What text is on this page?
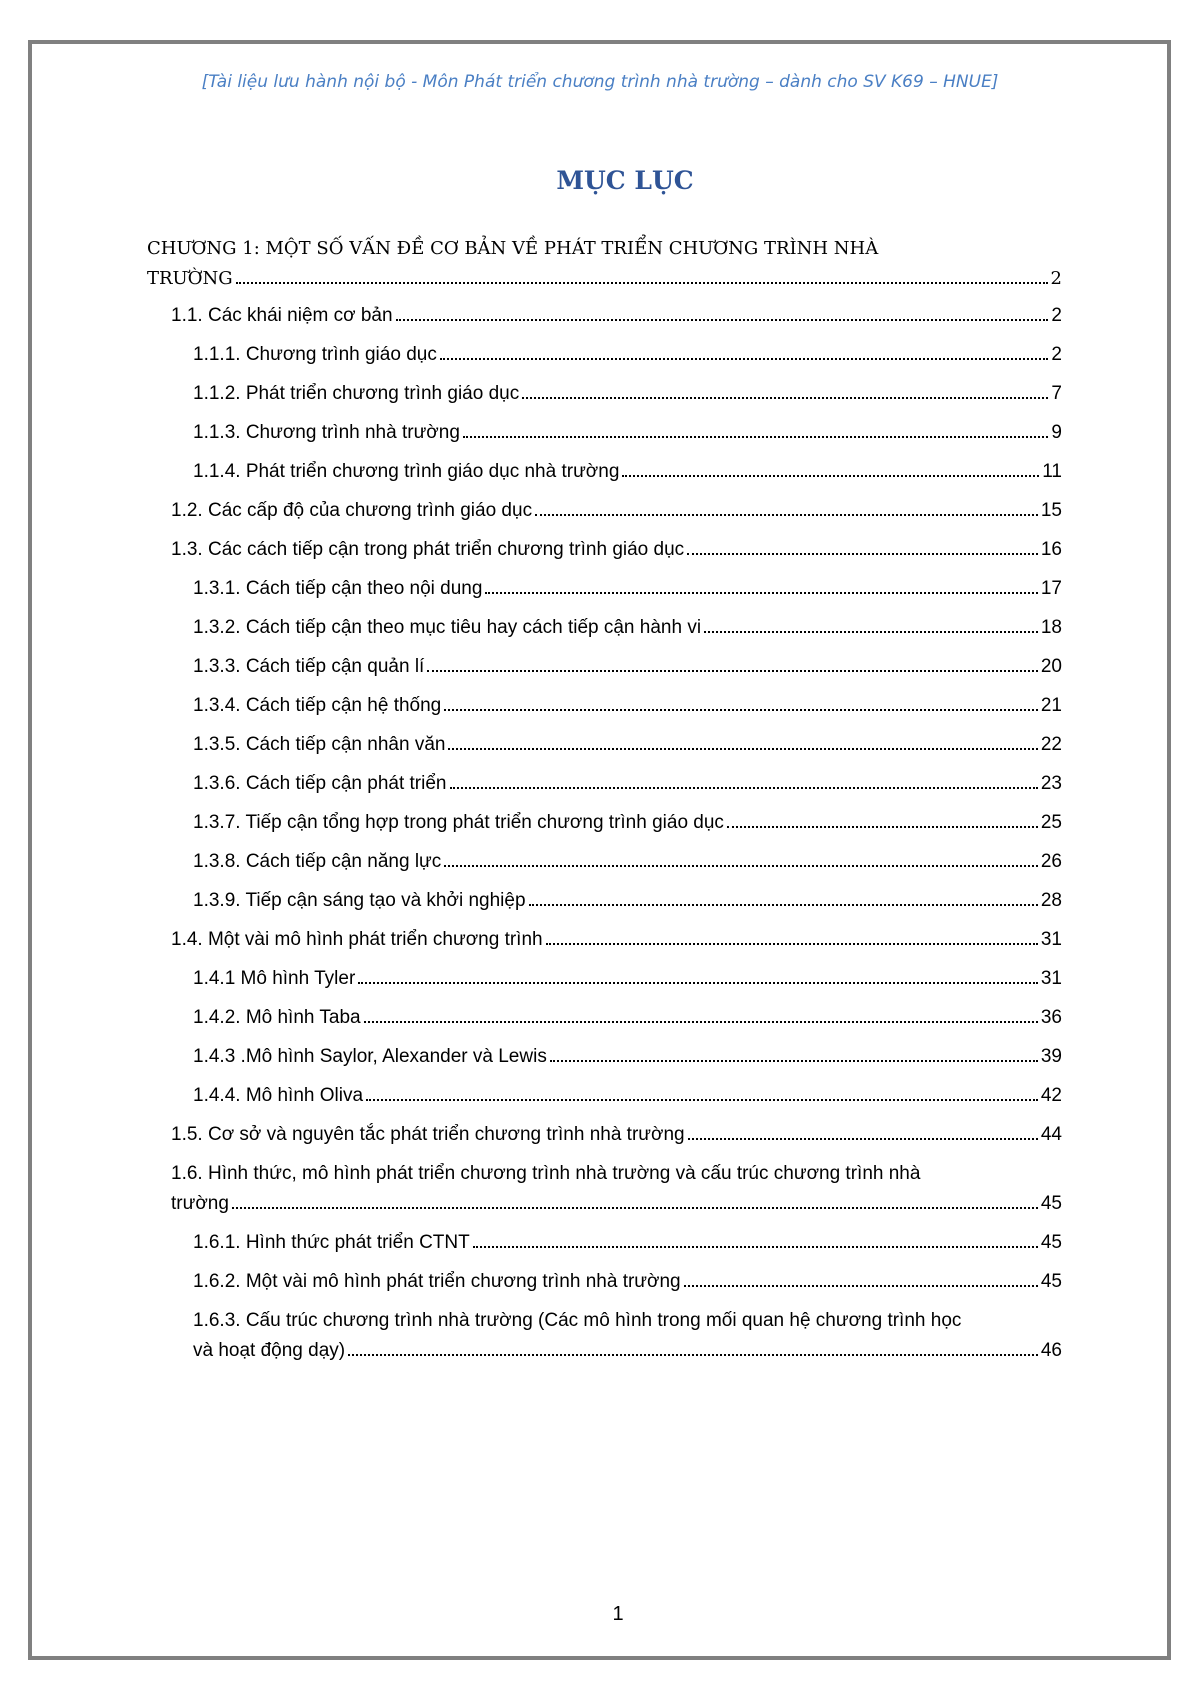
[Tài liệu lưu hành nội bộ - Môn Phát triển chương trình nhà trường – dành cho SV K69 – HNUE]
MỤC LỤC
CHƯƠNG 1: MỘT SỐ VẤN ĐỀ CƠ BẢN VỀ PHÁT TRIỂN CHƯƠNG TRÌNH NHÀ
TRƯỜNG	2
1.1. Các khái niệm cơ bản	2
1.1.1. Chương trình giáo dục	2
1.1.2. Phát triển chương trình giáo dục	7
1.1.3. Chương trình nhà trường	9
1.1.4. Phát triển chương trình giáo dục nhà trường	11
1.2. Các cấp độ của chương trình giáo dục	15
1.3. Các cách tiếp cận trong phát triển chương trình giáo dục	16
1.3.1. Cách tiếp cận theo nội dung	17
1.3.2. Cách tiếp cận theo mục tiêu hay cách tiếp cận hành vi	18
1.3.3. Cách tiếp cận quản lí	20
1.3.4. Cách tiếp cận hệ thống	21
1.3.5. Cách tiếp cận nhân văn	22
1.3.6. Cách tiếp cận phát triển	23
1.3.7. Tiếp cận tổng hợp trong phát triển chương trình giáo dục	25
1.3.8. Cách tiếp cận năng lực	26
1.3.9. Tiếp cận sáng tạo và khởi nghiệp	28
1.4. Một vài mô hình phát triển chương trình	31
1.4.1 Mô hình Tyler	31
1.4.2. Mô hình Taba	36
1.4.3 .Mô hình Saylor, Alexander và Lewis	39
1.4.4. Mô hình Oliva	42
1.5. Cơ sở và nguyên tắc phát triển chương trình nhà trường	44
1.6. Hình thức, mô hình phát triển chương trình nhà trường và cấu trúc chương trình nhà
trường	45
1.6.1. Hình thức phát triển CTNT	45
1.6.2. Một vài mô hình phát triển chương trình nhà trường	45
1.6.3. Cấu trúc chương trình nhà trường (Các mô hình trong mối quan hệ chương trình học
và hoạt động dạy)	46
1
